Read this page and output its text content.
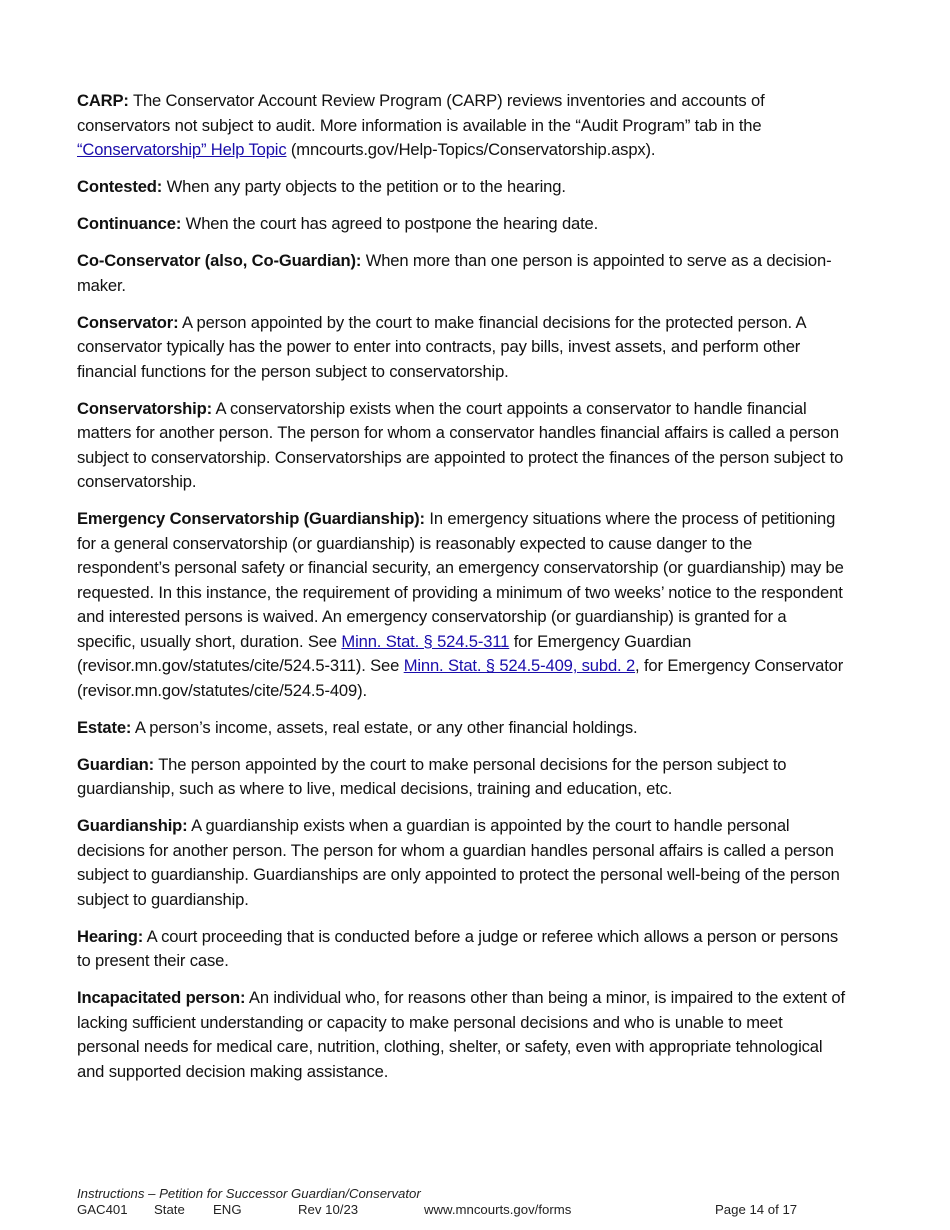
CARP: The Conservator Account Review Program (CARP) reviews inventories and accounts of conservators not subject to audit. More information is available in the “Audit Program” tab in the “Conservatorship” Help Topic (mncourts.gov/Help-Topics/Conservatorship.aspx).

Contested: When any party objects to the petition or to the hearing.

Continuance: When the court has agreed to postpone the hearing date.

Co-Conservator (also, Co-Guardian): When more than one person is appointed to serve as a decision-maker.

Conservator: A person appointed by the court to make financial decisions for the protected person. A conservator typically has the power to enter into contracts, pay bills, invest assets, and perform other financial functions for the person subject to conservatorship.

Conservatorship: A conservatorship exists when the court appoints a conservator to handle financial matters for another person. The person for whom a conservator handles financial affairs is called a person subject to conservatorship. Conservatorships are appointed to protect the finances of the person subject to conservatorship.

Emergency Conservatorship (Guardianship): In emergency situations where the process of petitioning for a general conservatorship (or guardianship) is reasonably expected to cause danger to the respondent’s personal safety or financial security, an emergency conservatorship (or guardianship) may be requested. In this instance, the requirement of providing a minimum of two weeks’ notice to the respondent and interested persons is waived. An emergency conservatorship (or guardianship) is granted for a specific, usually short, duration. See Minn. Stat. § 524.5-311 for Emergency Guardian (revisor.mn.gov/statutes/cite/524.5-311). See Minn. Stat. § 524.5-409, subd. 2, for Emergency Conservator (revisor.mn.gov/statutes/cite/524.5-409).

Estate: A person’s income, assets, real estate, or any other financial holdings.

Guardian: The person appointed by the court to make personal decisions for the person subject to guardianship, such as where to live, medical decisions, training and education, etc.

Guardianship: A guardianship exists when a guardian is appointed by the court to handle personal decisions for another person. The person for whom a guardian handles personal affairs is called a person subject to guardianship. Guardianships are only appointed to protect the personal well-being of the person subject to guardianship.

Hearing: A court proceeding that is conducted before a judge or referee which allows a person or persons to present their case.

Incapacitated person: An individual who, for reasons other than being a minor, is impaired to the extent of lacking sufficient understanding or capacity to make personal decisions and who is unable to meet personal needs for medical care, nutrition, clothing, shelter, or safety, even with appropriate tehnological and supported decision making assistance.

Instructions – Petition for Successor Guardian/Conservator
GAC401 State ENG	Rev 10/23	www.mncourts.gov/forms	Page 14 of 17
